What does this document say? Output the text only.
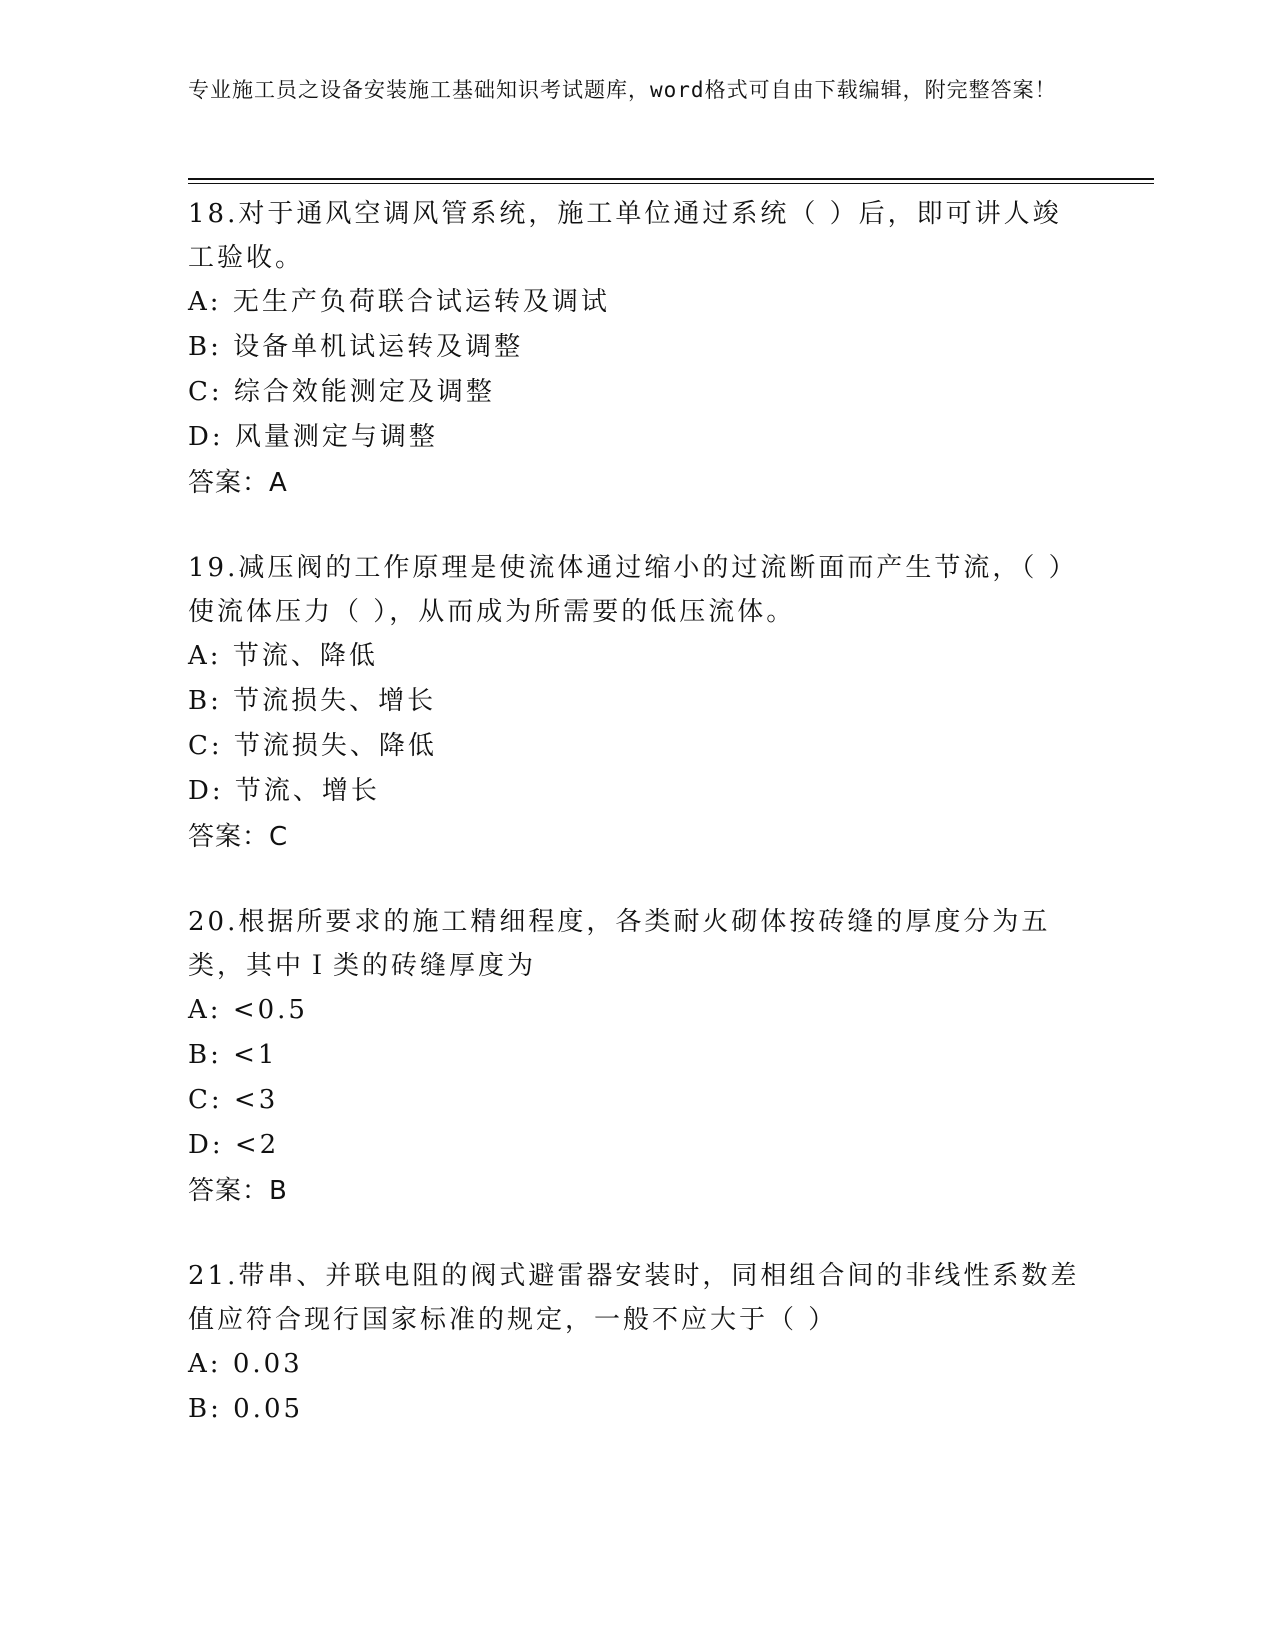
专业施工员之设备安装施工基础知识考试题库，word格式可自由下载编辑，附完整答案！
18.对于通风空调风管系统，施工单位通过系统（ ）后，即可讲人竣工验收。
A: 无生产负荷联合试运转及调试
B: 设备单机试运转及调整
C: 综合效能测定及调整
D: 风量测定与调整
答案：A
19.减压阀的工作原理是使流体通过缩小的过流断面而产生节流，（ ）使流体压力（ ），从而成为所需要的低压流体。
A: 节流、降低
B: 节流损失、增长
C: 节流损失、降低
D: 节流、增长
答案：C
20.根据所要求的施工精细程度，各类耐火砌体按砖缝的厚度分为五类，其中Ｉ类的砖缝厚度为
A: <0.5
B: <1
C: <3
D: <2
答案：B
21.带串、并联电阻的阀式避雷器安装时，同相组合间的非线性系数差值应符合现行国家标准的规定，一般不应大于（ ）
A: 0.03
B: 0.05
